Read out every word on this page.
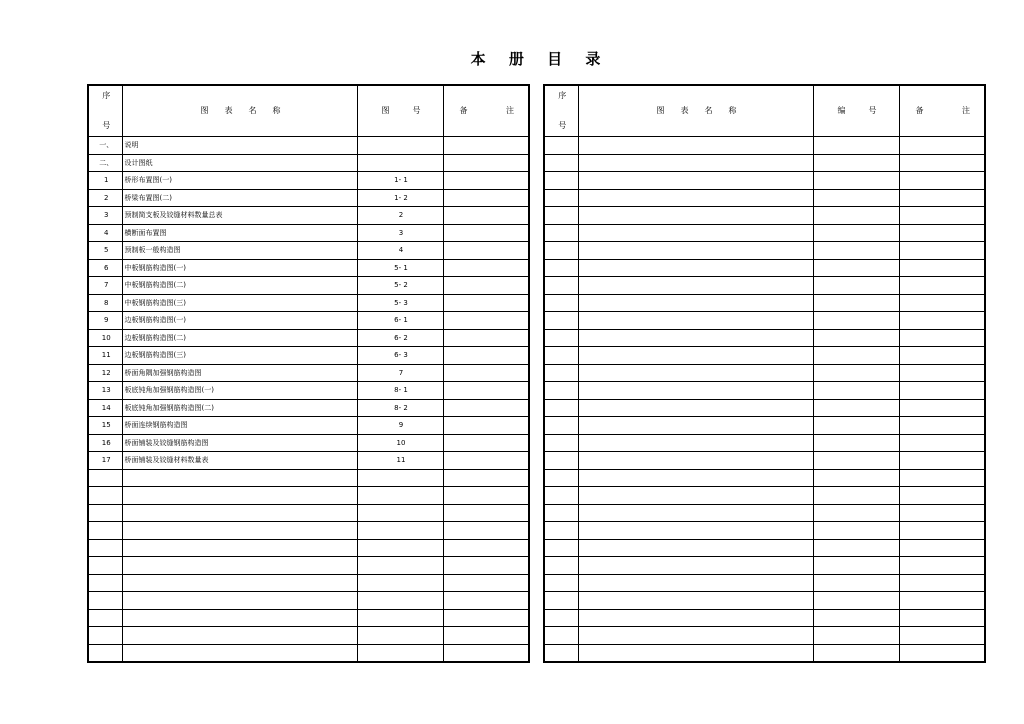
本 册 目 录
序
号	图 表 名 称	图 号	备 注

一、	说明		
二、	设计图纸		
1	桥形布置图(一)	1- 1	
2	桥梁布置图(二)	1- 2	
3	预制简支板及铰缝材料数量总表	2	
4	横断面布置图	3	
5	预制板一般构造图	4	
6	中板钢筋构造图(一)	5- 1	
7	中板钢筋构造图(二)	5- 2	
8	中板钢筋构造图(三)	5- 3	
9	边板钢筋构造图(一)	6- 1	
10	边板钢筋构造图(二)	6- 2	
11	边板钢筋构造图(三)	6- 3	
12	桥面角隅加强钢筋构造图	7	
13	板底钝角加强钢筋构造图(一)	8- 1	
14	板底钝角加强钢筋构造图(二)	8- 2	
15	桥面连续钢筋构造图	9	
16	桥面铺装及铰缝钢筋构造图	10	
17	桥面铺装及铰缝材料数量表	11	

序
号	图 表 名 称	编 号	备 注
